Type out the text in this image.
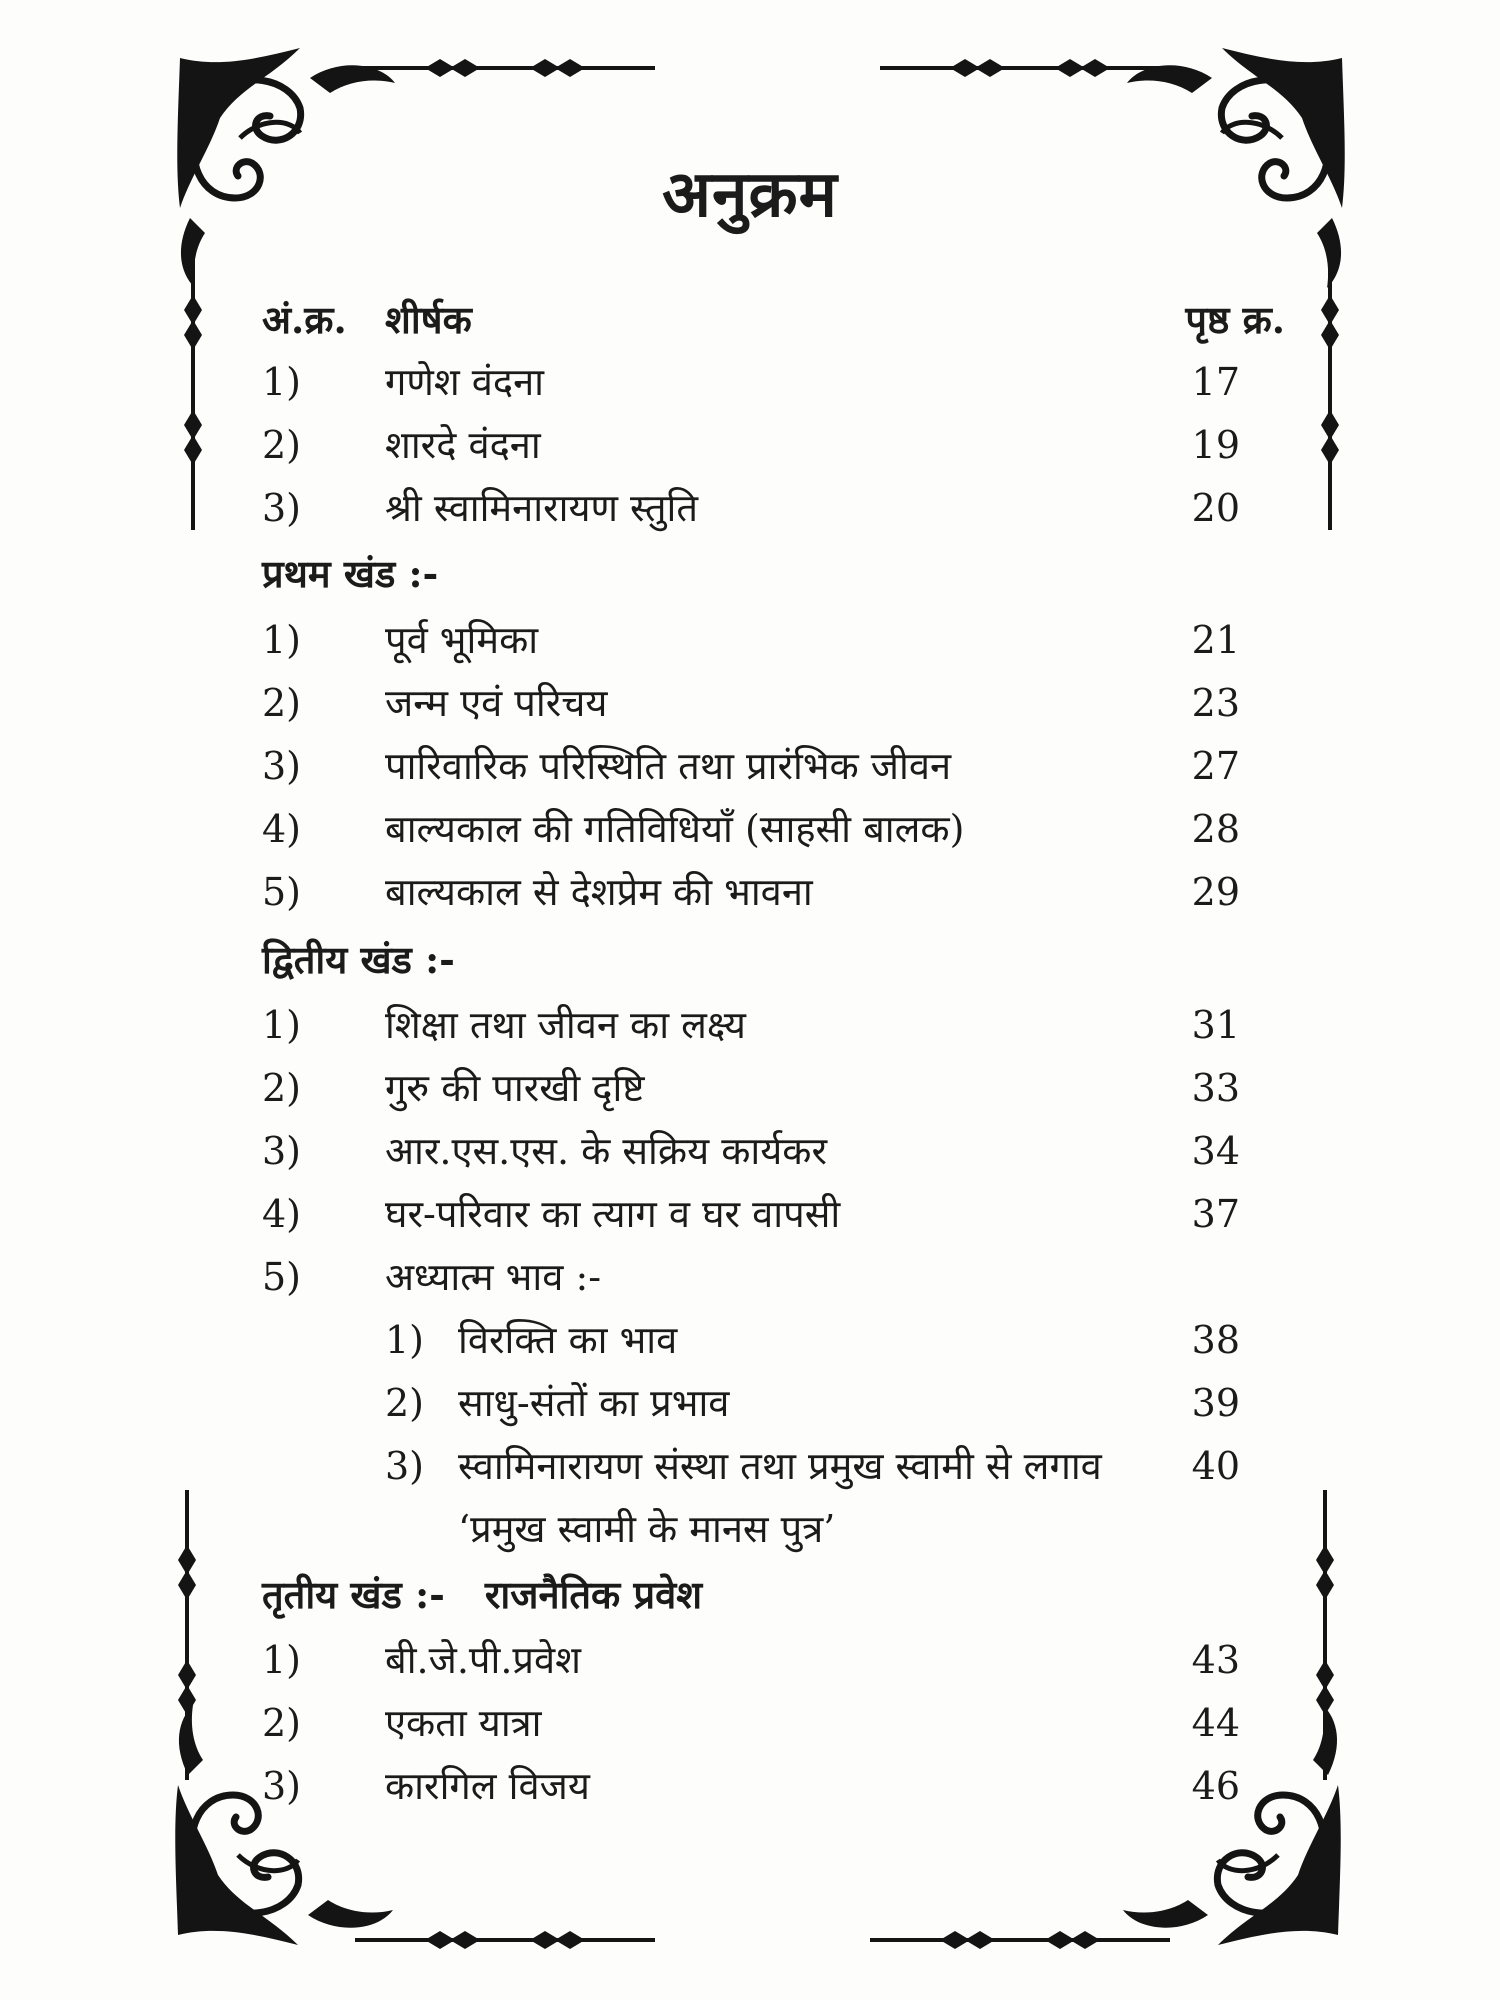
अनुक्रम
अं.क्र. शीर्षक	पृष्ठ क्र.
1) गणेश वंदना	17
2) शारदे वंदना	19
3) श्री स्वामिनारायण स्तुति	20
प्रथम खंड :-
1) पूर्व भूमिका	21
2) जन्म एवं परिचय	23
3) पारिवारिक परिस्थिति तथा प्रारंभिक जीवन	27
4) बाल्यकाल की गतिविधियाँ (साहसी बालक)	28
5) बाल्यकाल से देशप्रेम की भावना	29
द्वितीय खंड :-
1) शिक्षा तथा जीवन का लक्ष्य	31
2) गुरु की पारखी दृष्टि	33
3) आर.एस.एस. के सक्रिय कार्यकर	34
4) घर-परिवार का त्याग व घर वापसी	37
5) अध्यात्म भाव :-
1) विरक्ति का भाव	38
2) साधु-संतों का प्रभाव	39
3) स्वामिनारायण संस्था तथा प्रमुख स्वामी से लगाव	40
‘प्रमुख स्वामी के मानस पुत्र’
तृतीय खंड :- राजनैतिक प्रवेश
1) बी.जे.पी.प्रवेश	43
2) एकता यात्रा	44
3) कारगिल विजय	46
